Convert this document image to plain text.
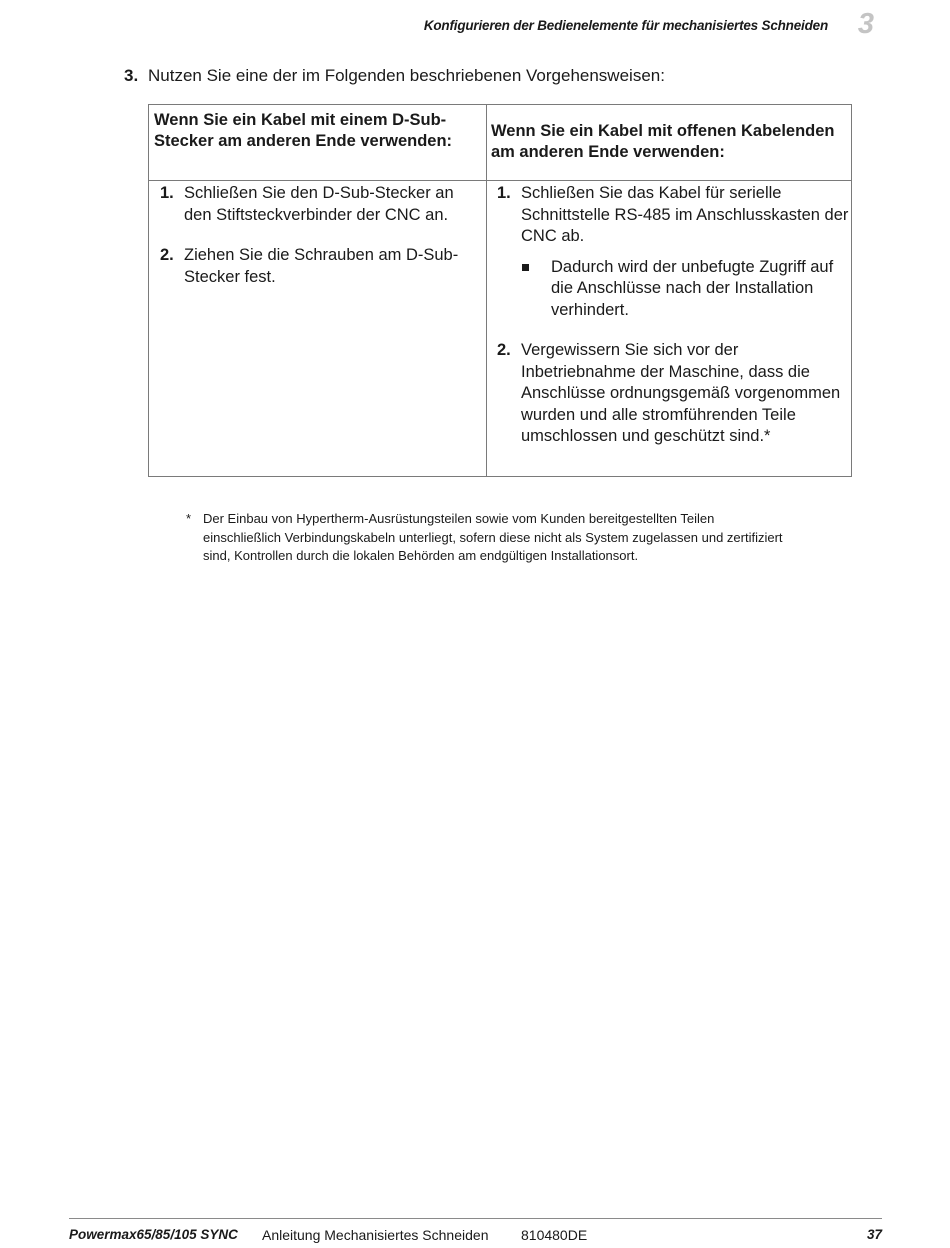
Konfigurieren der Bedienelemente für mechanisiertes Schneiden 3
3. Nutzen Sie eine der im Folgenden beschriebenen Vorgehensweisen:
Wenn Sie ein Kabel mit einem D-Sub-Stecker am anderen Ende verwenden:
Wenn Sie ein Kabel mit offenen Kabelenden am anderen Ende verwenden:
1. Schließen Sie den D-Sub-Stecker an den Stiftsteckverbinder der CNC an.
2. Ziehen Sie die Schrauben am D-Sub-Stecker fest.
1. Schließen Sie das Kabel für serielle Schnittstelle RS-485 im Anschlusskasten der CNC ab.
Dadurch wird der unbefugte Zugriff auf die Anschlüsse nach der Installation verhindert.
2. Vergewissern Sie sich vor der Inbetriebnahme der Maschine, dass die Anschlüsse ordnungsgemäß vorgenommen wurden und alle stromführenden Teile umschlossen und geschützt sind.*
* Der Einbau von Hypertherm-Ausrüstungsteilen sowie vom Kunden bereitgestellten Teilen einschließlich Verbindungskabeln unterliegt, sofern diese nicht als System zugelassen und zertifiziert sind, Kontrollen durch die lokalen Behörden am endgültigen Installationsort.
Powermax65/85/105 SYNC Anleitung Mechanisiertes Schneiden 810480DE	37
